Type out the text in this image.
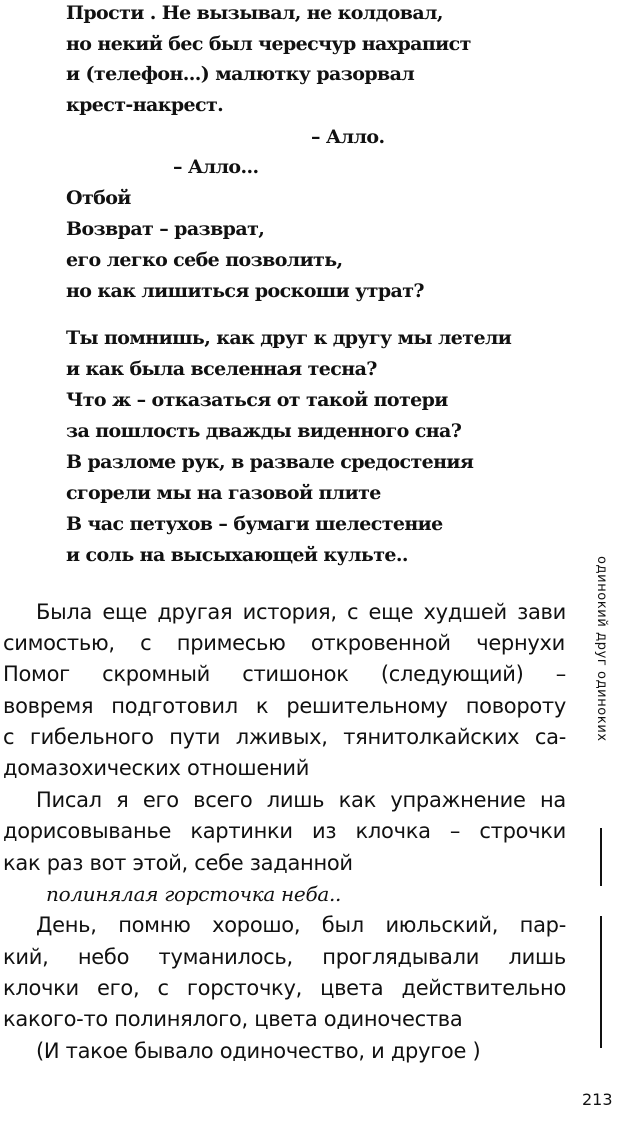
Прости . Не вызывал, не колдовал,
но некий бес был чересчур нахрапист
и (телефон...) малютку разорвал
крест-накрест.
– Алло.
– Алло...
Отбой
Возврат – разврат,
его легко себе позволить,
но как лишиться роскоши утрат?
Ты помнишь, как друг к другу мы летели
и как была вселенная тесна?
Что ж – отказаться от такой потери
за пошлость дважды виденного сна?
В разломе рук, в развале средостения
сгорели мы на газовой плите
В час петухов – бумаги шелестение
и соль на высыхающей культе..
Была еще другая история, с еще худшей зави
симостью, с примесью откровенной чернухи
Помог скромный стишонок (следующий) –
вовремя подготовил к решительному повороту
с гибельного пути лживых, тянитолкайских са-
домазохических отношений
Писал я его всего лишь как упражнение на
дорисовыванье картинки из клочка – строчки
как раз вот этой, себе заданной
полинялая горсточка неба..
День, помню хорошо, был июльский, пар-
кий, небо туманилось, проглядывали лишь
клочки его, с горсточку, цвета действительно
какого-то полинялого, цвета одиночества
(И такое бывало одиночество, и другое )
одинокий друг одиноких
213
